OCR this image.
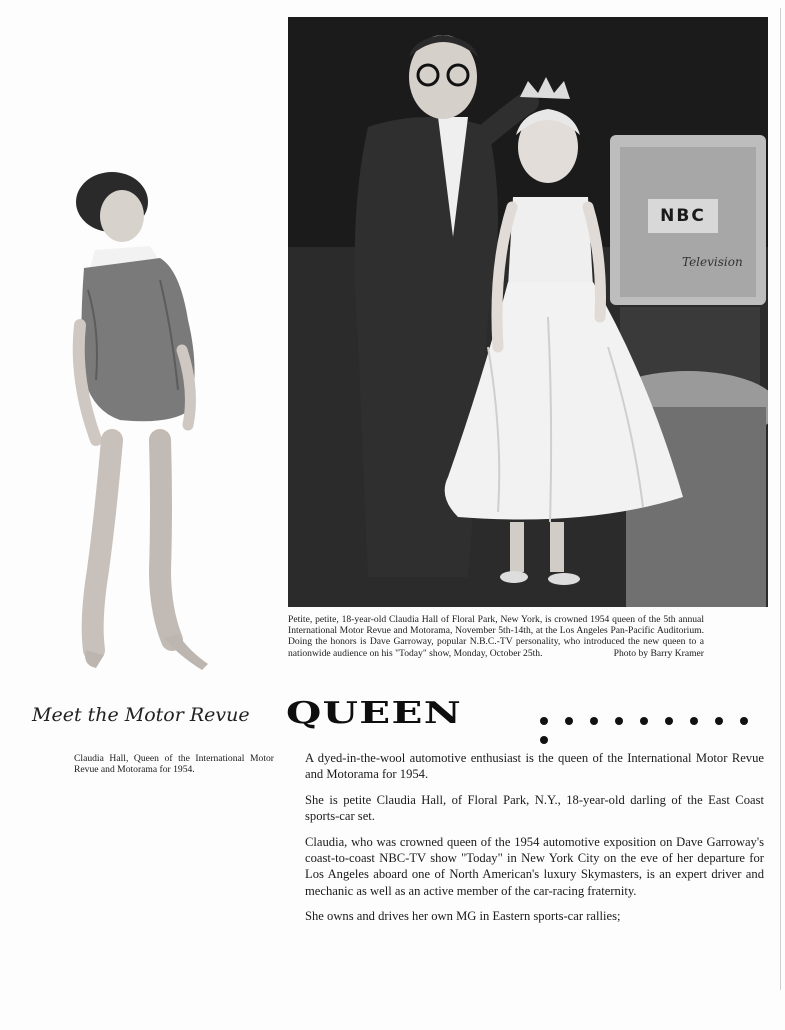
NBC
Television
Petite, petite, 18-year-old Claudia Hall of Floral Park, New York, is crowned 1954 queen of the 5th annual International Motor Revue and Motorama, November 5th-14th, at the Los Angeles Pan-Pacific Auditorium. Doing the honors is Dave Garroway, popular N.B.C.-TV personality, who introduced the new queen to a nationwide audience on his "Today" show, Monday, October 25th.	Photo by Barry Kramer
Meet the Motor Revue QUEEN
Claudia Hall, Queen of the International Motor Revue and Motorama for 1954.

A dyed-in-the-wool automotive enthusiast is the queen of the International Motor Revue and Motorama for 1954.

She is petite Claudia Hall, of Floral Park, N.Y., 18-year-old darling of the East Coast sports-car set.

Claudia, who was crowned queen of the 1954 automotive exposition on Dave Garroway's coast-to-coast NBC-TV show "Today" in New York City on the eve of her departure for Los Angeles aboard one of North American's luxury Skymasters, is an expert driver and mechanic as well as an active member of the car-racing fraternity.

She owns and drives her own MG in Eastern sports-car rallies;
